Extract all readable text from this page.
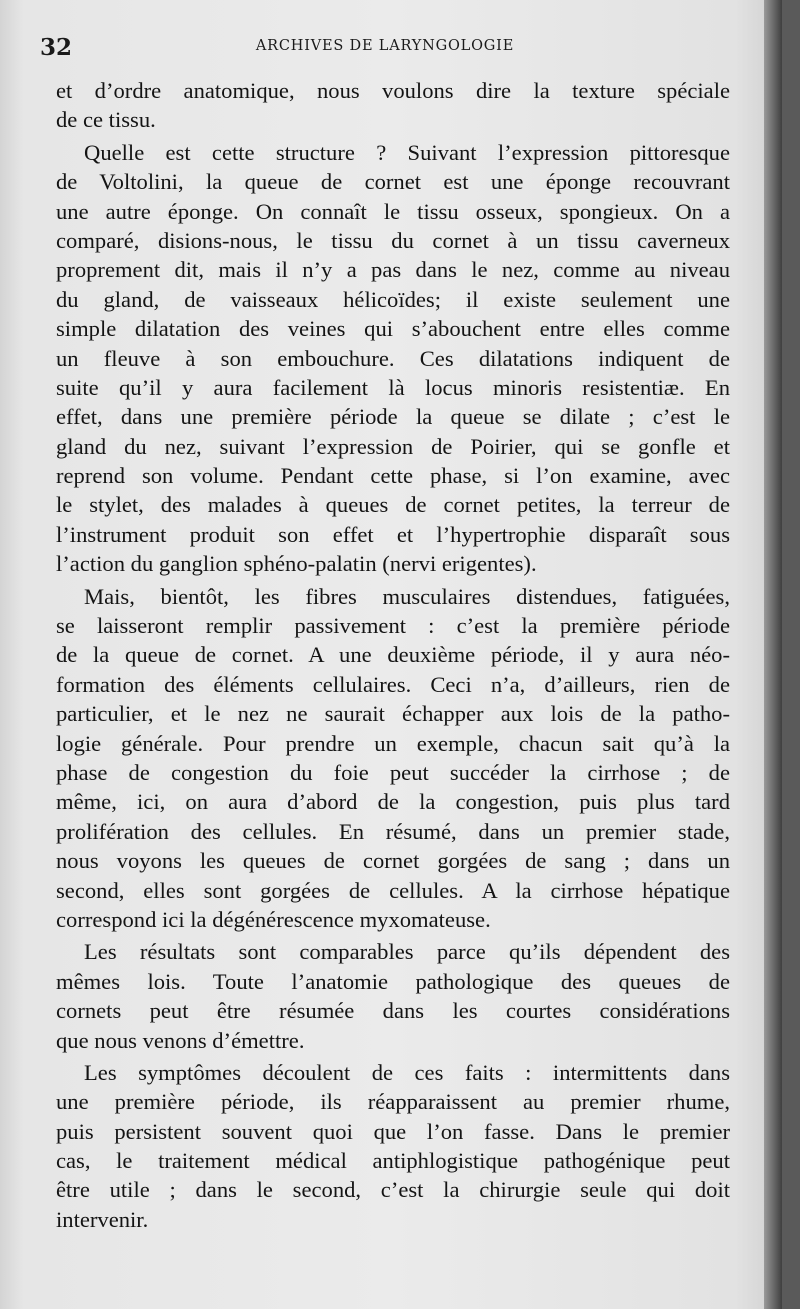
32	ARCHIVES DE LARYNGOLOGIE
et d’ordre anatomique, nous voulons dire la texture spéciale
de ce tissu.
Quelle est cette structure ? Suivant l’expression pittoresque
de Voltolini, la queue de cornet est une éponge recouvrant
une autre éponge. On connaît le tissu osseux, spongieux. On a
comparé, disions-nous, le tissu du cornet à un tissu caverneux
proprement dit, mais il n’y a pas dans le nez, comme au niveau
du gland, de vaisseaux hélicoïdes; il existe seulement une
simple dilatation des veines qui s’abouchent entre elles comme
un fleuve à son embouchure. Ces dilatations indiquent de
suite qu’il y aura facilement là locus minoris resistentiæ. En
effet, dans une première période la queue se dilate ; c’est le
gland du nez, suivant l’expression de Poirier, qui se gonfle et
reprend son volume. Pendant cette phase, si l’on examine, avec
le stylet, des malades à queues de cornet petites, la terreur de
l’instrument produit son effet et l’hypertrophie disparaît sous
l’action du ganglion sphéno-palatin (nervi erigentes).
Mais, bientôt, les fibres musculaires distendues, fatiguées,
se laisseront remplir passivement : c’est la première période
de la queue de cornet. A une deuxième période, il y aura néo-
formation des éléments cellulaires. Ceci n’a, d’ailleurs, rien de
particulier, et le nez ne saurait échapper aux lois de la patho-
logie générale. Pour prendre un exemple, chacun sait qu’à la
phase de congestion du foie peut succéder la cirrhose ; de
même, ici, on aura d’abord de la congestion, puis plus tard
prolifération des cellules. En résumé, dans un premier stade,
nous voyons les queues de cornet gorgées de sang ; dans un
second, elles sont gorgées de cellules. A la cirrhose hépatique
correspond ici la dégénérescence myxomateuse.
Les résultats sont comparables parce qu’ils dépendent des
mêmes lois. Toute l’anatomie pathologique des queues de
cornets peut être résumée dans les courtes considérations
que nous venons d’émettre.
Les symptômes découlent de ces faits : intermittents dans
une première période, ils réapparaissent au premier rhume,
puis persistent souvent quoi que l’on fasse. Dans le premier
cas, le traitement médical antiphlogistique pathogénique peut
être utile ; dans le second, c’est la chirurgie seule qui doit
intervenir.
